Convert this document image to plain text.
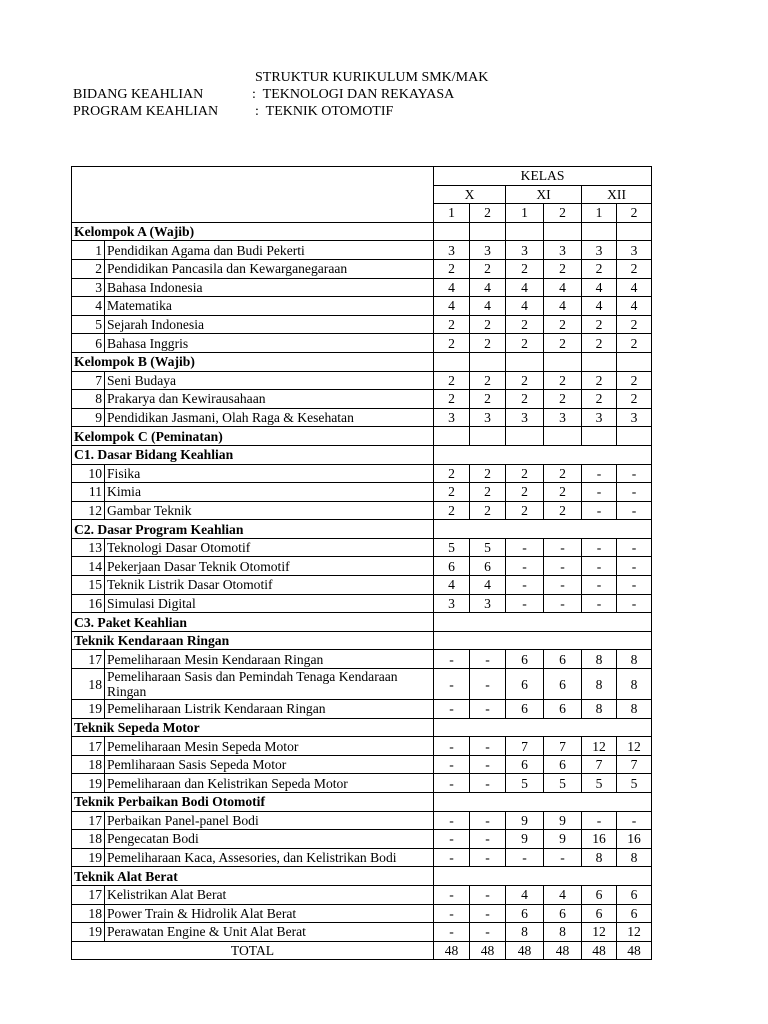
STRUKTUR KURIKULUM SMK/MAK
BIDANG KEAHLIAN	:  TEKNOLOGI DAN REKAYASA
PROGRAM KEAHLIAN	:  TEKNIK OTOMOTIF
		KELAS					
		X		XI		XII	
		1	2	1	2	1	2
Kelompok A (Wajib)							
1	Pendidikan Agama dan Budi Pekerti	3	3	3	3	3	3
2	Pendidikan Pancasila dan Kewarganegaraan	2	2	2	2	2	2
3	Bahasa Indonesia	4	4	4	4	4	4
4	Matematika	4	4	4	4	4	4
5	Sejarah Indonesia	2	2	2	2	2	2
6	Bahasa Inggris	2	2	2	2	2	2
Kelompok B (Wajib)							
7	Seni Budaya	2	2	2	2	2	2
8	Prakarya dan Kewirausahaan	2	2	2	2	2	2
9	Pendidikan Jasmani, Olah Raga & Kesehatan	3	3	3	3	3	3
Kelompok C (Peminatan)							
C1. Dasar Bidang Keahlian							
10	Fisika	2	2	2	2	-	-
11	Kimia	2	2	2	2	-	-
12	Gambar Teknik	2	2	2	2	-	-
C2. Dasar Program Keahlian							
13	Teknologi Dasar Otomotif	5	5	-	-	-	-
14	Pekerjaan Dasar Teknik Otomotif	6	6	-	-	-	-
15	Teknik Listrik Dasar Otomotif	4	4	-	-	-	-
16	Simulasi Digital	3	3	-	-	-	-
C3. Paket Keahlian							
Teknik Kendaraan Ringan							
17	Pemeliharaan Mesin Kendaraan Ringan	-	-	6	6	8	8
18	Pemeliharaan Sasis dan Pemindah Tenaga Kendaraan Ringan	-	-	6	6	8	8
19	Pemeliharaan Listrik Kendaraan Ringan	-	-	6	6	8	8
Teknik Sepeda Motor							
17	Pemeliharaan Mesin Sepeda Motor	-	-	7	7	12	12
18	Pemliharaan Sasis Sepeda Motor	-	-	6	6	7	7
19	Pemeliharaan dan Kelistrikan Sepeda Motor	-	-	5	5	5	5
Teknik Perbaikan Bodi Otomotif							
17	Perbaikan Panel-panel Bodi	-	-	9	9	-	-
18	Pengecatan Bodi	-	-	9	9	16	16
19	Pemeliharaan Kaca, Assesories, dan Kelistrikan Bodi	-	-	-	-	8	8
Teknik Alat Berat							
17	Kelistrikan Alat Berat	-	-	4	4	6	6
18	Power Train & Hidrolik Alat Berat	-	-	6	6	6	6
19	Perawatan Engine & Unit Alat Berat	-	-	8	8	12	12
TOTAL		48	48	48	48	48	48
